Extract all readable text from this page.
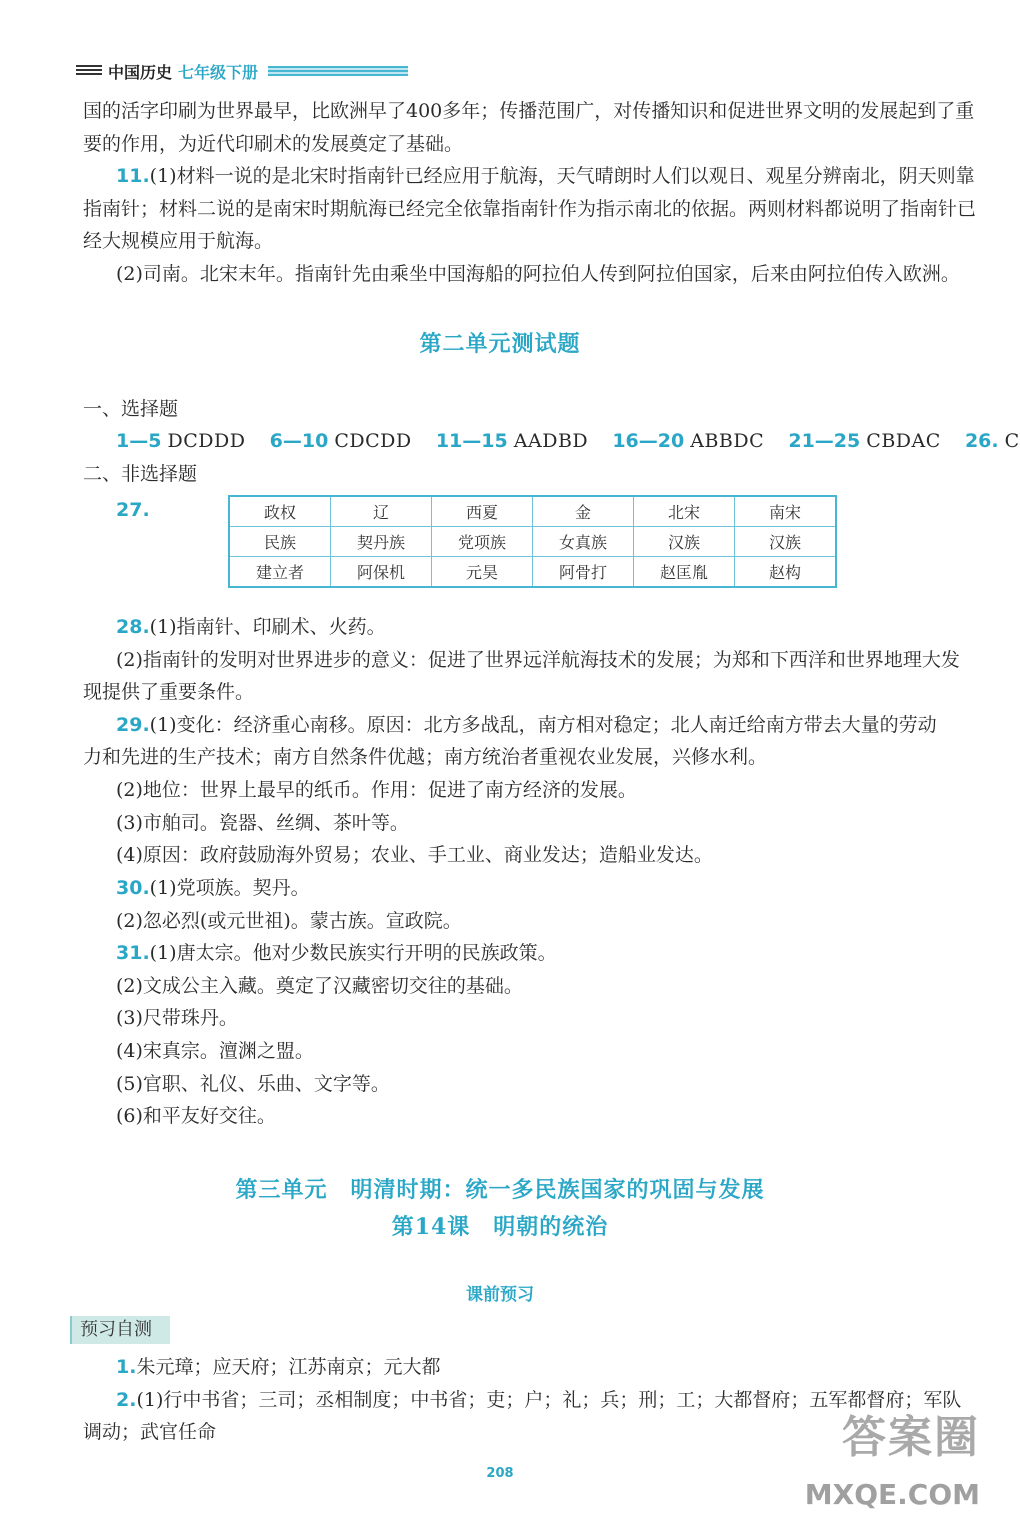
中国历史 七年级下册
国的活字印刷为世界最早，比欧洲早了400多年；传播范围广，对传播知识和促进世界文明的发展起到了重
要的作用，为近代印刷术的发展奠定了基础。
11.(1)材料一说的是北宋时指南针已经应用于航海，天气晴朗时人们以观日、观星分辨南北，阴天则靠
指南针；材料二说的是南宋时期航海已经完全依靠指南针作为指示南北的依据。两则材料都说明了指南针已
经大规模应用于航海。
(2)司南。北宋末年。指南针先由乘坐中国海船的阿拉伯人传到阿拉伯国家，后来由阿拉伯传入欧洲。
第二单元测试题
一、选择题
1—5 DCDDD 6—10 CDCDD 11—15 AADBD 16—20 ABBDC 21—25 CBDAC 26. C
二、非选择题
27.	政权	辽	西夏	金	北宋	南宋
民族	契丹族	党项族	女真族	汉族	汉族
建立者	阿保机	元昊	阿骨打	赵匡胤	赵构
28.(1)指南针、印刷术、火药。
(2)指南针的发明对世界进步的意义：促进了世界远洋航海技术的发展；为郑和下西洋和世界地理大发
现提供了重要条件。
29.(1)变化：经济重心南移。原因：北方多战乱，南方相对稳定；北人南迁给南方带去大量的劳动
力和先进的生产技术；南方自然条件优越；南方统治者重视农业发展，兴修水利。
(2)地位：世界上最早的纸币。作用：促进了南方经济的发展。
(3)市舶司。瓷器、丝绸、茶叶等。
(4)原因：政府鼓励海外贸易；农业、手工业、商业发达；造船业发达。
30.(1)党项族。契丹。
(2)忽必烈(或元世祖)。蒙古族。宣政院。
31.(1)唐太宗。他对少数民族实行开明的民族政策。
(2)文成公主入藏。奠定了汉藏密切交往的基础。
(3)尺带珠丹。
(4)宋真宗。澶渊之盟。
(5)官职、礼仪、乐曲、文字等。
(6)和平友好交往。
第三单元　明清时期：统一多民族国家的巩固与发展
第14课　明朝的统治
课前预习
预习自测
1.朱元璋；应天府；江苏南京；元大都
2.(1)行中书省；三司；丞相制度；中书省；吏；户；礼；兵；刑；工；大都督府；五军都督府；军队
调动；武官任命
208
答案圈
MXQE.COM
